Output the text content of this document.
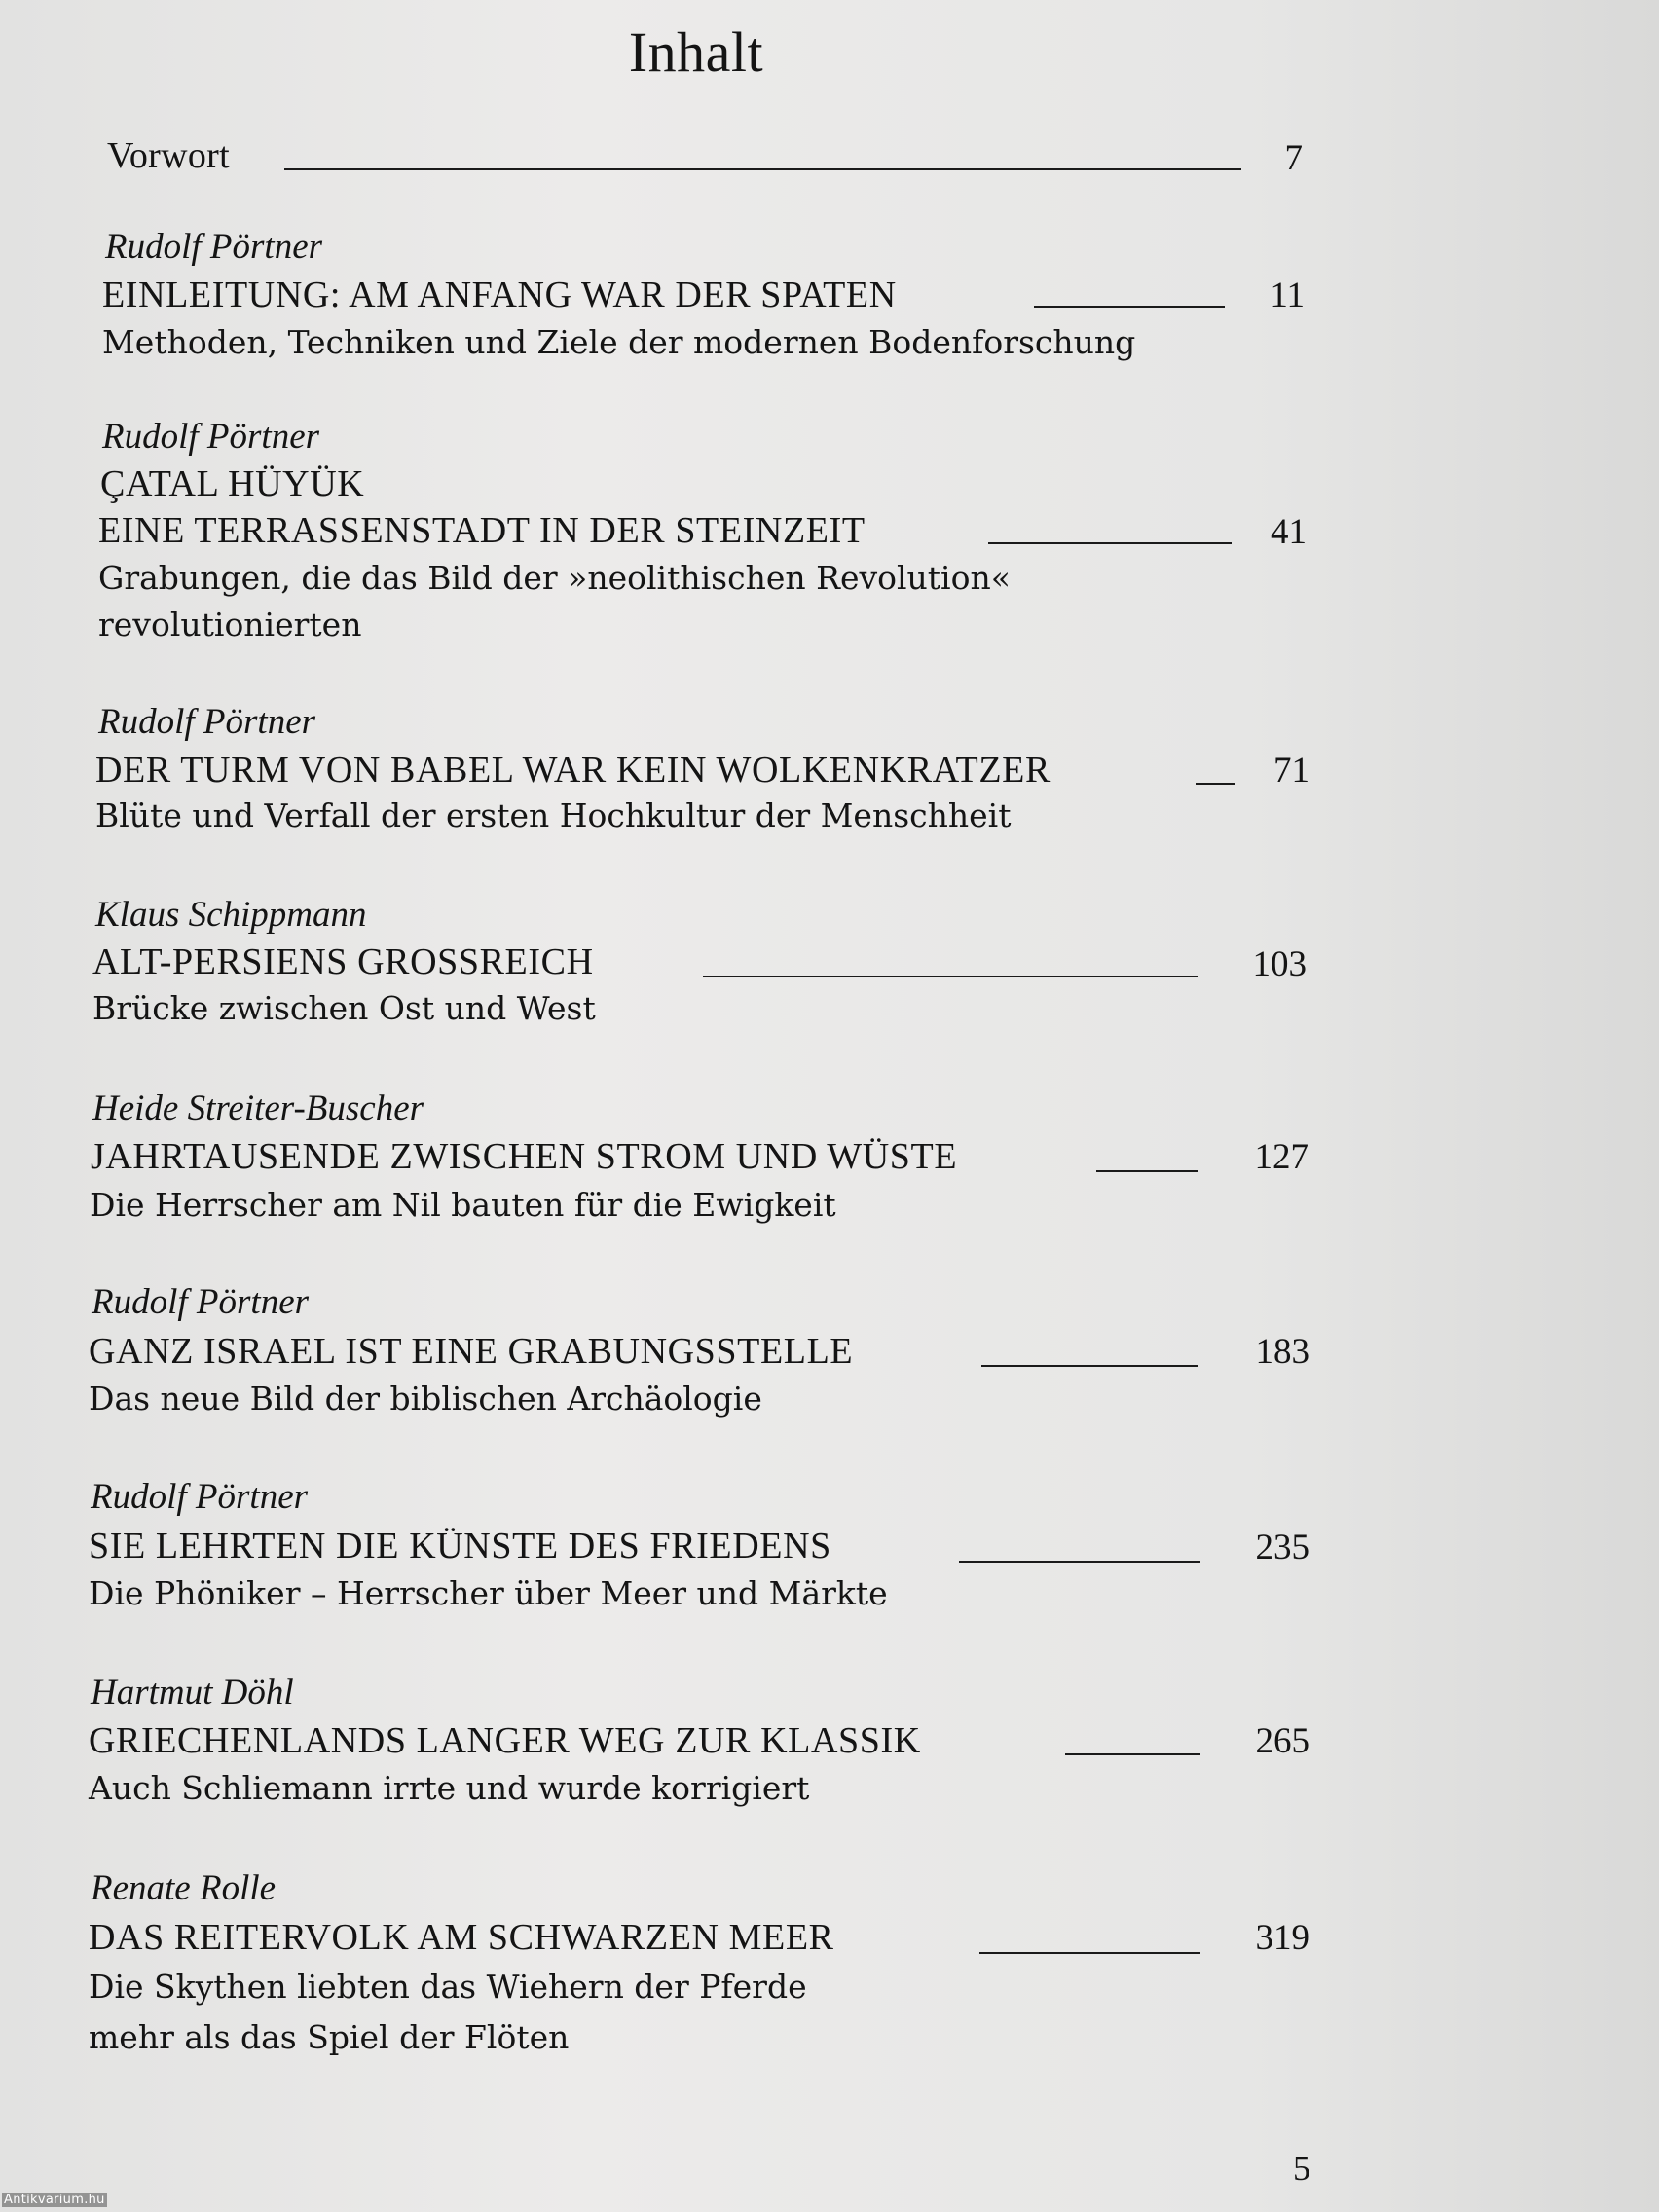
Inhalt
Vorwort	7
Rudolf Pörtner
EINLEITUNG: AM ANFANG WAR DER SPATEN	11
Methoden, Techniken und Ziele der modernen Bodenforschung
Rudolf Pörtner
ÇATAL HÜYÜK
EINE TERRASSENSTADT IN DER STEINZEIT	41
Grabungen, die das Bild der »neolithischen Revolution«
revolutionierten
Rudolf Pörtner
DER TURM VON BABEL WAR KEIN WOLKENKRATZER	71
Blüte und Verfall der ersten Hochkultur der Menschheit
Klaus Schippmann
ALT-PERSIENS GROSSREICH	103
Brücke zwischen Ost und West
Heide Streiter-Buscher
JAHRTAUSENDE ZWISCHEN STROM UND WÜSTE	127
Die Herrscher am Nil bauten für die Ewigkeit
Rudolf Pörtner
GANZ ISRAEL IST EINE GRABUNGSSTELLE	183
Das neue Bild der biblischen Archäologie
Rudolf Pörtner
SIE LEHRTEN DIE KÜNSTE DES FRIEDENS	235
Die Phöniker – Herrscher über Meer und Märkte
Hartmut Döhl
GRIECHENLANDS LANGER WEG ZUR KLASSIK	265
Auch Schliemann irrte und wurde korrigiert
Renate Rolle
DAS REITERVOLK AM SCHWARZEN MEER	319
Die Skythen liebten das Wiehern der Pferde
mehr als das Spiel der Flöten
5
Antikvarium.hu
